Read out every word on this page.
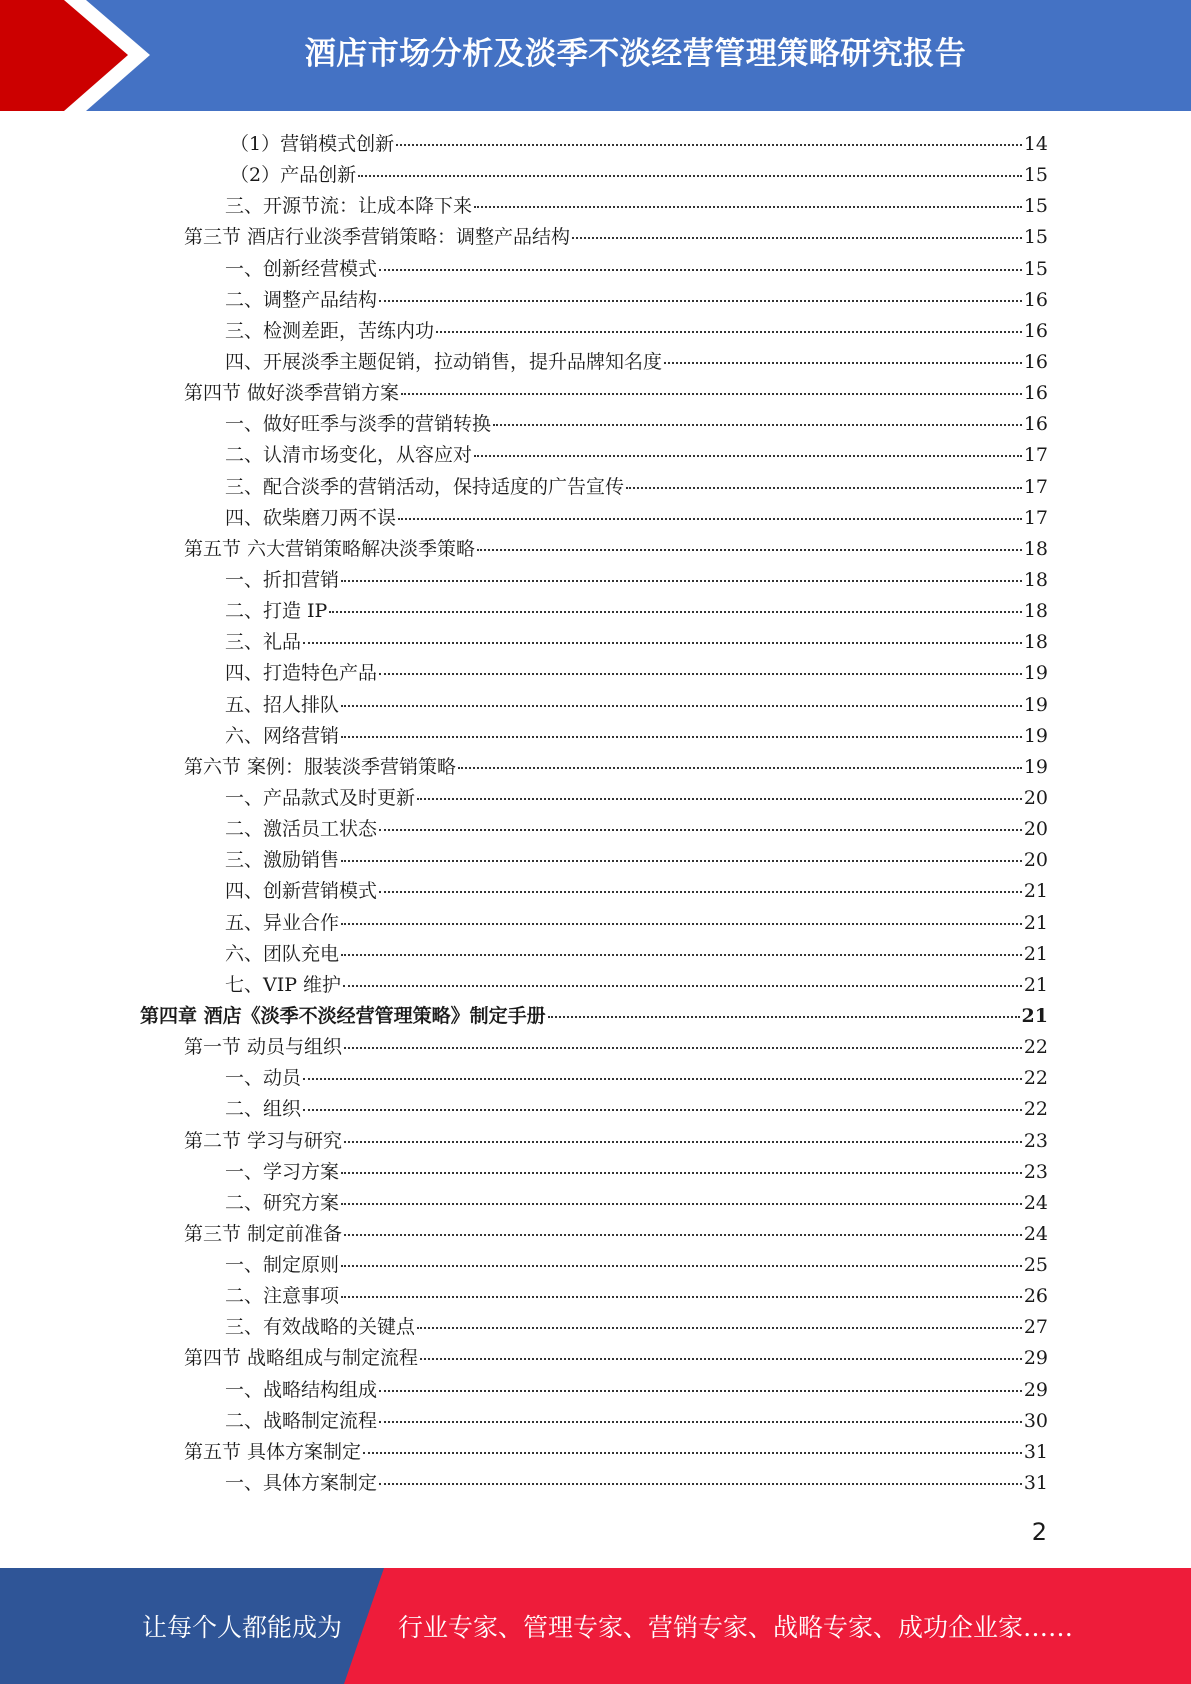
酒店市场分析及淡季不淡经营管理策略研究报告
（1）营销模式创新	14
（2）产品创新	15
三、开源节流：让成本降下来	15
第三节 酒店行业淡季营销策略：调整产品结构	15
一、创新经营模式	15
二、调整产品结构	16
三、检测差距，苦练内功	16
四、开展淡季主题促销，拉动销售，提升品牌知名度	16
第四节 做好淡季营销方案	16
一、做好旺季与淡季的营销转换	16
二、认清市场变化，从容应对	17
三、配合淡季的营销活动，保持适度的广告宣传	17
四、砍柴磨刀两不误	17
第五节 六大营销策略解决淡季策略	18
一、折扣营销	18
二、打造 IP	18
三、礼品	18
四、打造特色产品	19
五、招人排队	19
六、网络营销	19
第六节 案例：服装淡季营销策略	19
一、产品款式及时更新	20
二、激活员工状态	20
三、激励销售	20
四、创新营销模式	21
五、异业合作	21
六、团队充电	21
七、VIP 维护	21
第四章 酒店《淡季不淡经营管理策略》制定手册	21
第一节 动员与组织	22
一、动员	22
二、组织	22
第二节 学习与研究	23
一、学习方案	23
二、研究方案	24
第三节 制定前准备	24
一、制定原则	25
二、注意事项	26
三、有效战略的关键点	27
第四节 战略组成与制定流程	29
一、战略结构组成	29
二、战略制定流程	30
第五节 具体方案制定	31
一、具体方案制定	31
2
让每个人都能成为 行业专家、管理专家、营销专家、战略专家、成功企业家……
